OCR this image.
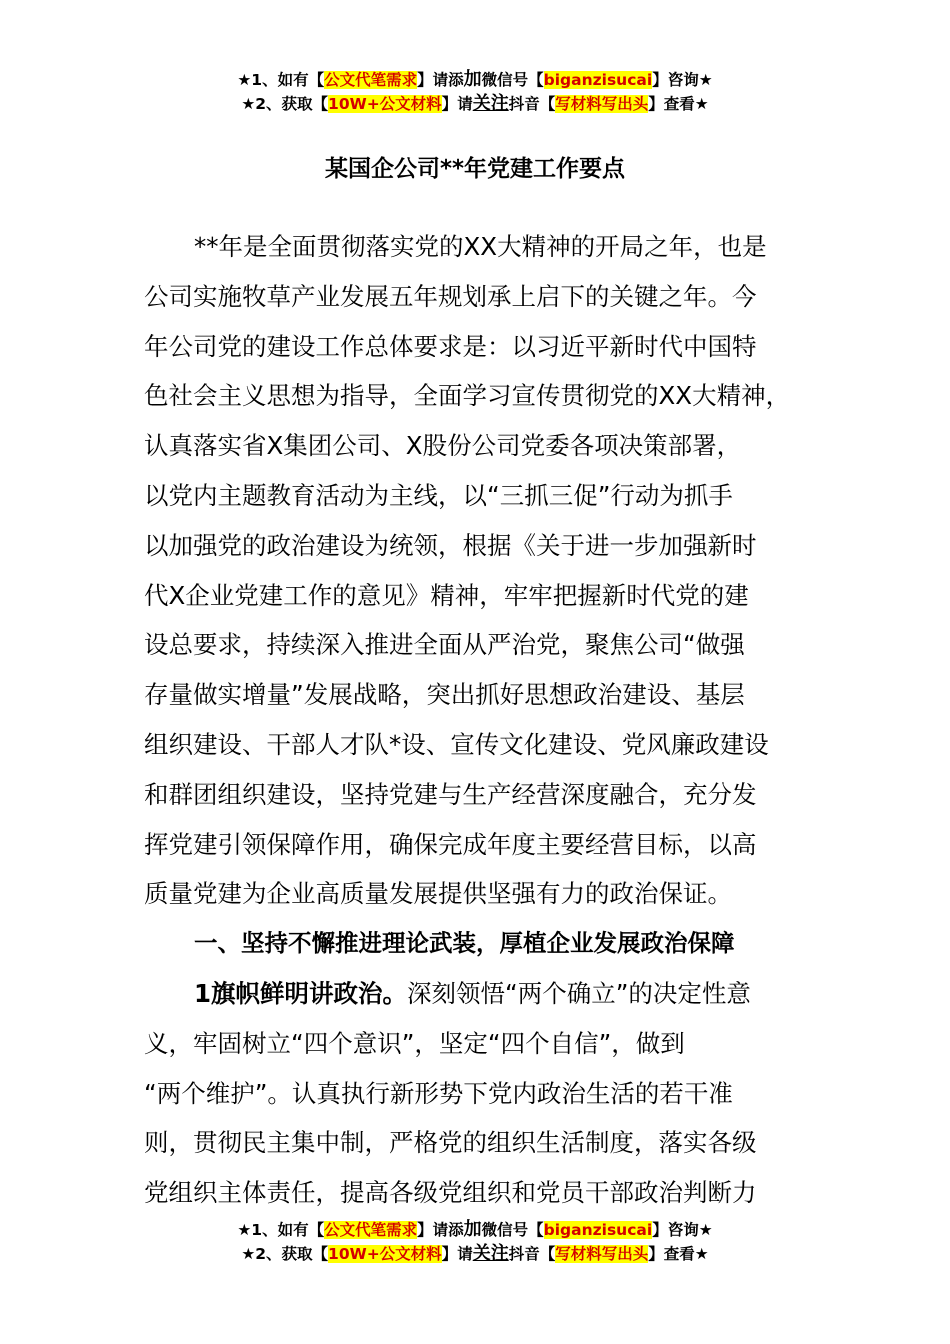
★1、如有【公文代笔需求】请添加微信号【biganzisucai】咨询★
★2、获取【10W+公文材料】请关注抖音【写材料写出头】查看★
某国企公司**年党建工作要点
**年是全面贯彻落实党的XX大精神的开局之年，也是
公司实施牧草产业发展五年规划承上启下的关键之年。今
年公司党的建设工作总体要求是：以习近平新时代中国特
色社会主义思想为指导，全面学习宣传贯彻党的XX大精神，
认真落实省X集团公司、X股份公司党委各项决策部署，
以党内主题教育活动为主线，以“三抓三促”行动为抓手
以加强党的政治建设为统领，根据《关于进一步加强新时
代X企业党建工作的意见》精神，牢牢把握新时代党的建
设总要求，持续深入推进全面从严治党，聚焦公司“做强
存量做实增量”发展战略，突出抓好思想政治建设、基层
组织建设、干部人才队*设、宣传文化建设、党风廉政建设
和群团组织建设，坚持党建与生产经营深度融合，充分发
挥党建引领保障作用，确保完成年度主要经营目标，以高
质量党建为企业高质量发展提供坚强有力的政治保证。
一、坚持不懈推进理论武装，厚植企业发展政治保障
1旗帜鲜明讲政治。深刻领悟“两个确立”的决定性意
义，牢固树立“四个意识”，坚定“四个自信”，做到
“两个维护”。认真执行新形势下党内政治生活的若干准
则，贯彻民主集中制，严格党的组织生活制度，落实各级
党组织主体责任，提高各级党组织和党员干部政治判断力
★1、如有【公文代笔需求】请添加微信号【biganzisucai】咨询★
★2、获取【10W+公文材料】请关注抖音【写材料写出头】查看★
